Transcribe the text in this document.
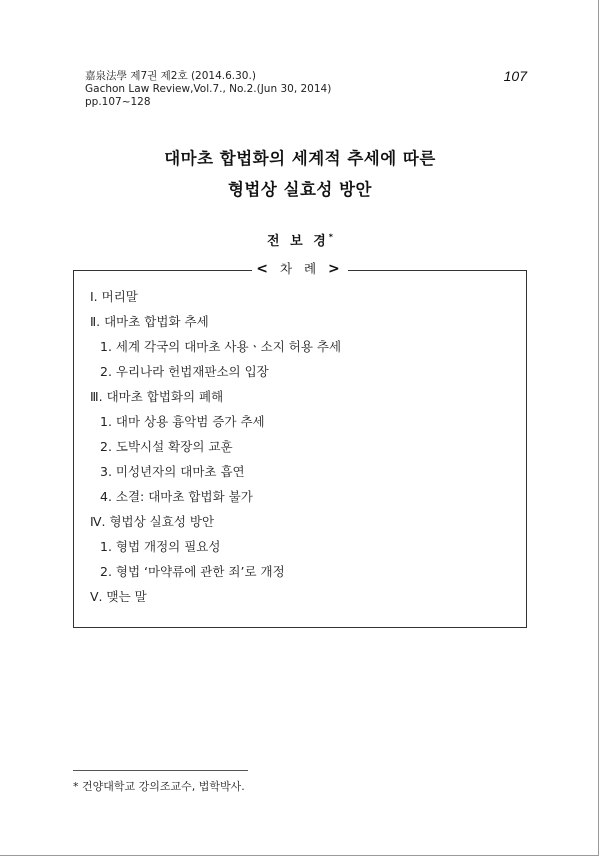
嘉泉法學 제7권 제2호 (2014.6.30.)
Gachon Law Review,Vol.7., No.2.(Jun 30, 2014)
pp.107~128
107
대마초 합법화의 세계적 추세에 따른
형법상 실효성 방안
전 보 경*
< 차 례 >
Ⅰ. 머리말
Ⅱ. 대마초 합법화 추세
1. 세계 각국의 대마초 사용ㆍ소지 허용 추세
2. 우리나라 헌법재판소의 입장
Ⅲ. 대마초 합법화의 폐해
1. 대마 상용 흉악범 증가 추세
2. 도박시설 확장의 교훈
3. 미성년자의 대마초 흡연
4. 소결: 대마초 합법화 불가
Ⅳ. 형법상 실효성 방안
1. 형법 개정의 필요성
2. 형법 ‘마약류에 관한 죄’로 개정
Ⅴ. 맺는 말
* 건양대학교 강의조교수, 법학박사.
